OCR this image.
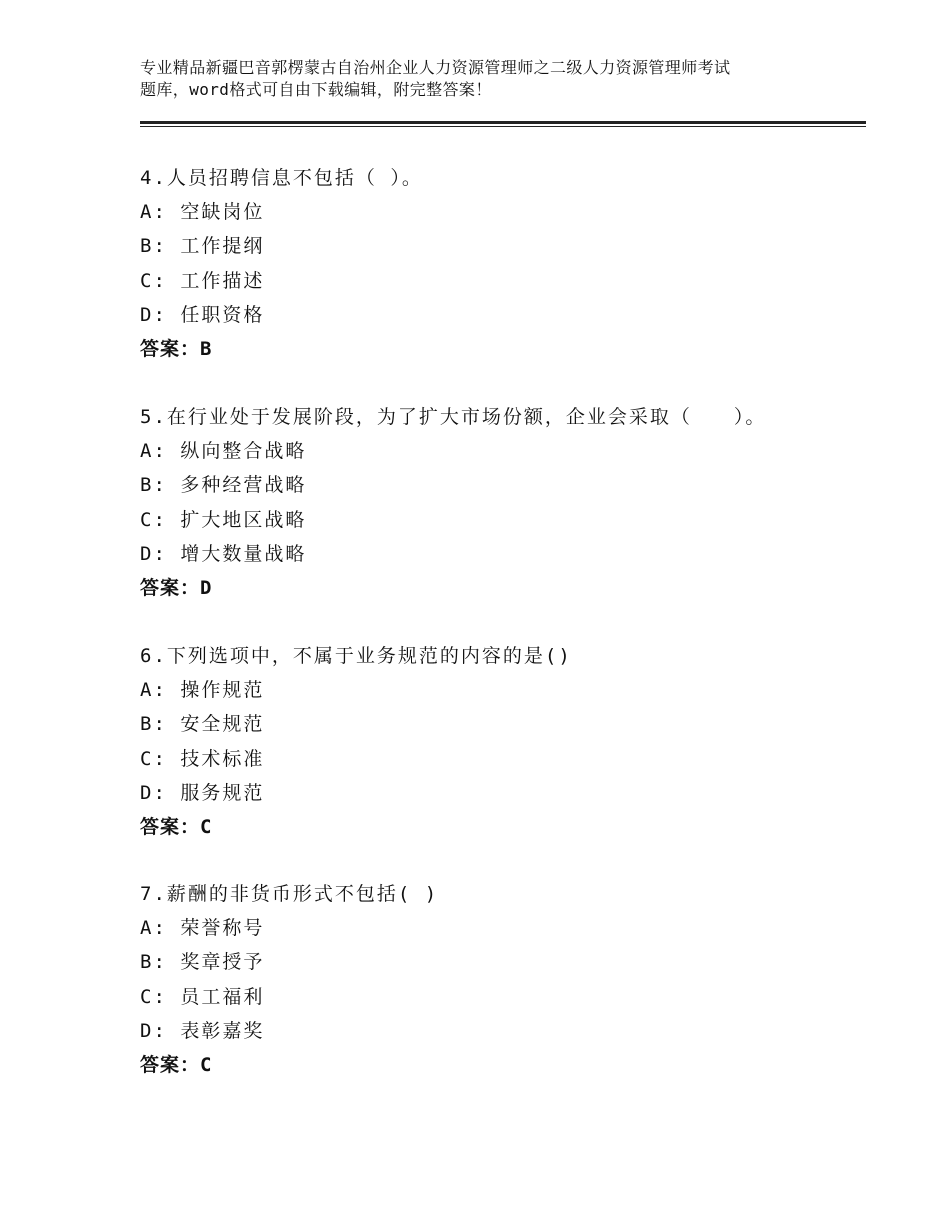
专业精品新疆巴音郭楞蒙古自治州企业人力资源管理师之二级人力资源管理师考试
题库，word格式可自由下载编辑，附完整答案！
4.人员招聘信息不包括（ ）。
A: 空缺岗位
B: 工作提纲
C: 工作描述
D: 任职资格
答案：B
5.在行业处于发展阶段，为了扩大市场份额，企业会采取（　　）。
A: 纵向整合战略
B: 多种经营战略
C: 扩大地区战略
D: 增大数量战略
答案：D
6.下列选项中，不属于业务规范的内容的是()
A: 操作规范
B: 安全规范
C: 技术标准
D: 服务规范
答案：C
7.薪酬的非货币形式不包括( )
A: 荣誉称号
B: 奖章授予
C: 员工福利
D: 表彰嘉奖
答案：C
